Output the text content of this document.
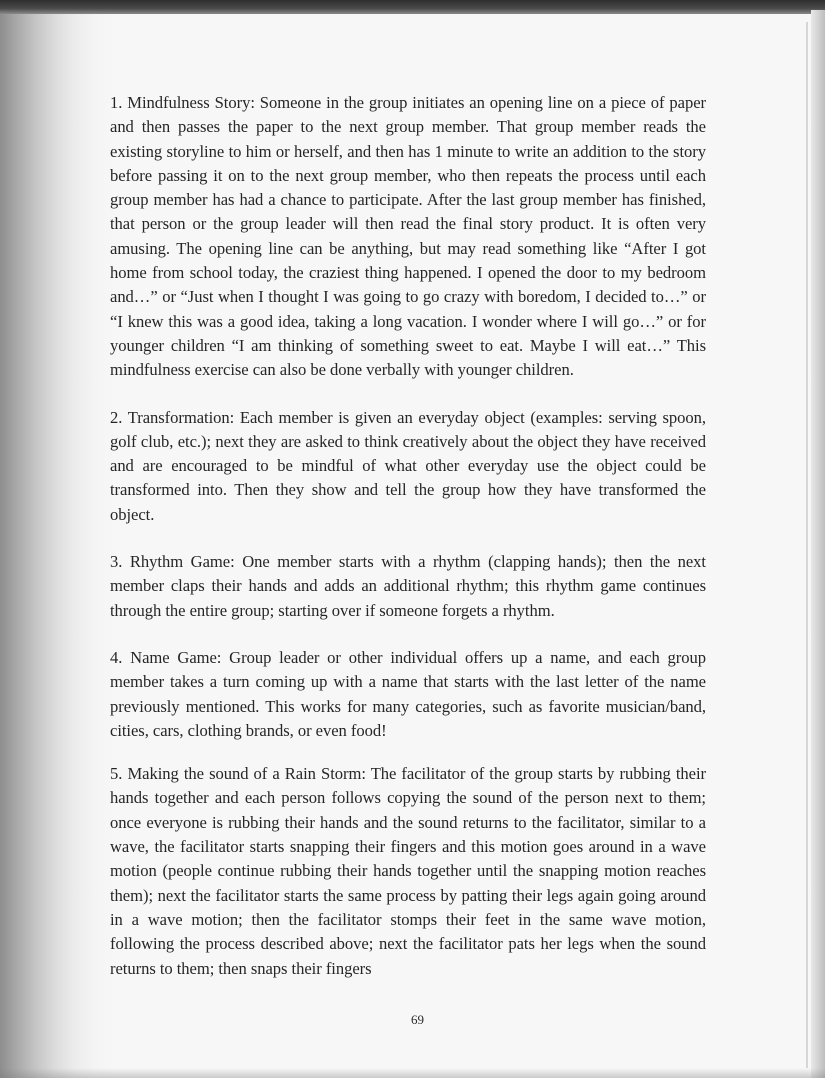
1. Mindfulness Story: Someone in the group initiates an opening line on a piece of paper and then passes the paper to the next group member. That group member reads the existing storyline to him or herself, and then has 1 minute to write an addition to the story before passing it on to the next group member, who then repeats the process until each group member has had a chance to participate. After the last group member has finished, that person or the group leader will then read the final story product. It is often very amusing. The opening line can be anything, but may read something like “After I got home from school today, the craziest thing happened. I opened the door to my bedroom and…” or “Just when I thought I was going to go crazy with boredom, I decided to…” or “I knew this was a good idea, taking a long vacation. I wonder where I will go…” or for younger children “I am thinking of something sweet to eat. Maybe I will eat…” This mindfulness exercise can also be done verbally with younger children.

2. Transformation: Each member is given an everyday object (examples: serving spoon, golf club, etc.); next they are asked to think creatively about the object they have received and are encouraged to be mindful of what other everyday use the object could be transformed into. Then they show and tell the group how they have transformed the object.

3. Rhythm Game: One member starts with a rhythm (clapping hands); then the next member claps their hands and adds an additional rhythm; this rhythm game continues through the entire group; starting over if someone forgets a rhythm.

4. Name Game: Group leader or other individual offers up a name, and each group member takes a turn coming up with a name that starts with the last letter of the name previously mentioned. This works for many categories, such as favorite musician/band, cities, cars, clothing brands, or even food!

5. Making the sound of a Rain Storm: The facilitator of the group starts by rubbing their hands together and each person follows copying the sound of the person next to them; once everyone is rubbing their hands and the sound returns to the facilitator, similar to a wave, the facilitator starts snapping their fingers and this motion goes around in a wave motion (people continue rubbing their hands together until the snapping motion reaches them); next the facilitator starts the same process by patting their legs again going around in a wave motion; then the facilitator stomps their feet in the same wave motion, following the process described above; next the facilitator pats her legs when the sound returns to them; then snaps their fingers

69
